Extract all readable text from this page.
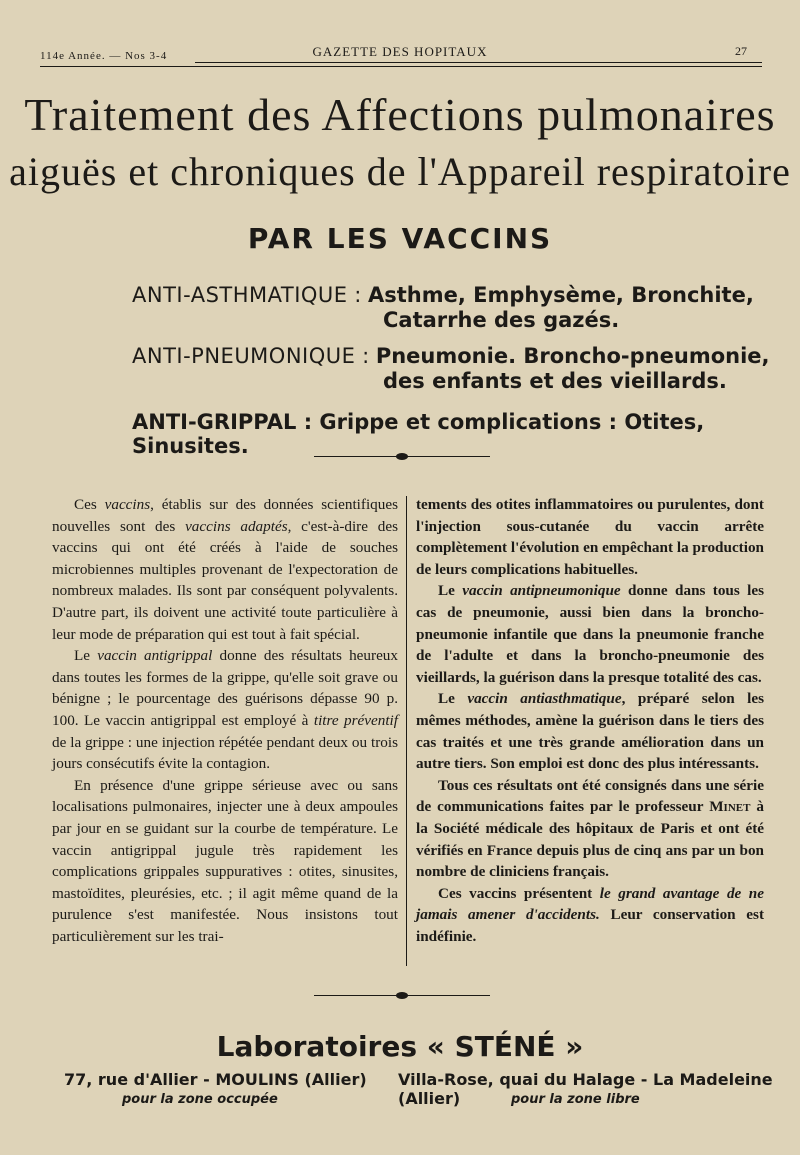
114e Année. — Nos 3-4	GAZETTE DES HOPITAUX	27
Traitement des Affections pulmonaires
aiguës et chroniques de l'Appareil respiratoire
PAR LES VACCINS
ANTI-ASTHMATIQUE : Asthme, Emphysème, Bronchite,
Catarrhe des gazés.
ANTI-PNEUMONIQUE : Pneumonie. Broncho-pneumonie,
des enfants et des vieillards.
ANTI-GRIPPAL : Grippe et complications : Otites, Sinusites.

Ces vaccins, établis sur des données scientifiques nouvelles sont des vaccins adaptés, c'est-à-dire des vaccins qui ont été créés à l'aide de souches microbiennes multiples provenant de l'expectoration de nombreux malades. Ils sont par conséquent polyvalents. D'autre part, ils doivent une activité toute particulière à leur mode de préparation qui est tout à fait spécial.

Le vaccin antigrippal donne des résultats heureux dans toutes les formes de la grippe, qu'elle soit grave ou bénigne ; le pourcentage des guérisons dépasse 90 p. 100. Le vaccin antigrippal est employé à titre préventif de la grippe : une injection répétée pendant deux ou trois jours consécutifs évite la contagion.

En présence d'une grippe sérieuse avec ou sans localisations pulmonaires, injecter une à deux ampoules par jour en se guidant sur la courbe de température. Le vaccin antigrippal jugule très rapidement les complications grippales suppuratives : otites, sinusites, mastoïdites, pleurésies, etc. ; il agit même quand de la purulence s'est manifestée. Nous insistons tout particulièrement sur les trai-

tements des otites inflammatoires ou purulentes, dont l'injection sous-cutanée du vaccin arrête complètement l'évolution en empêchant la production de leurs complications habituelles.

Le vaccin antipneumonique donne dans tous les cas de pneumonie, aussi bien dans la broncho-pneumonie infantile que dans la pneumonie franche de l'adulte et dans la broncho-pneumonie des vieillards, la guérison dans la presque totalité des cas.

Le vaccin antiasthmatique, préparé selon les mêmes méthodes, amène la guérison dans le tiers des cas traités et une très grande amélioration dans un autre tiers. Son emploi est donc des plus intéressants.

Tous ces résultats ont été consignés dans une série de communications faites par le professeur Minet à la Société médicale des hôpitaux de Paris et ont été vérifiés en France depuis plus de cinq ans par un bon nombre de cliniciens français.

Ces vaccins présentent le grand avantage de ne jamais amener d'accidents. Leur conservation est indéfinie.

Laboratoires « STÉNÉ »
77, rue d'Allier - MOULINS (Allier)
pour la zone occupée
Villa-Rose, quai du Halage - La Madeleine (Allier)	pour la zone libre
